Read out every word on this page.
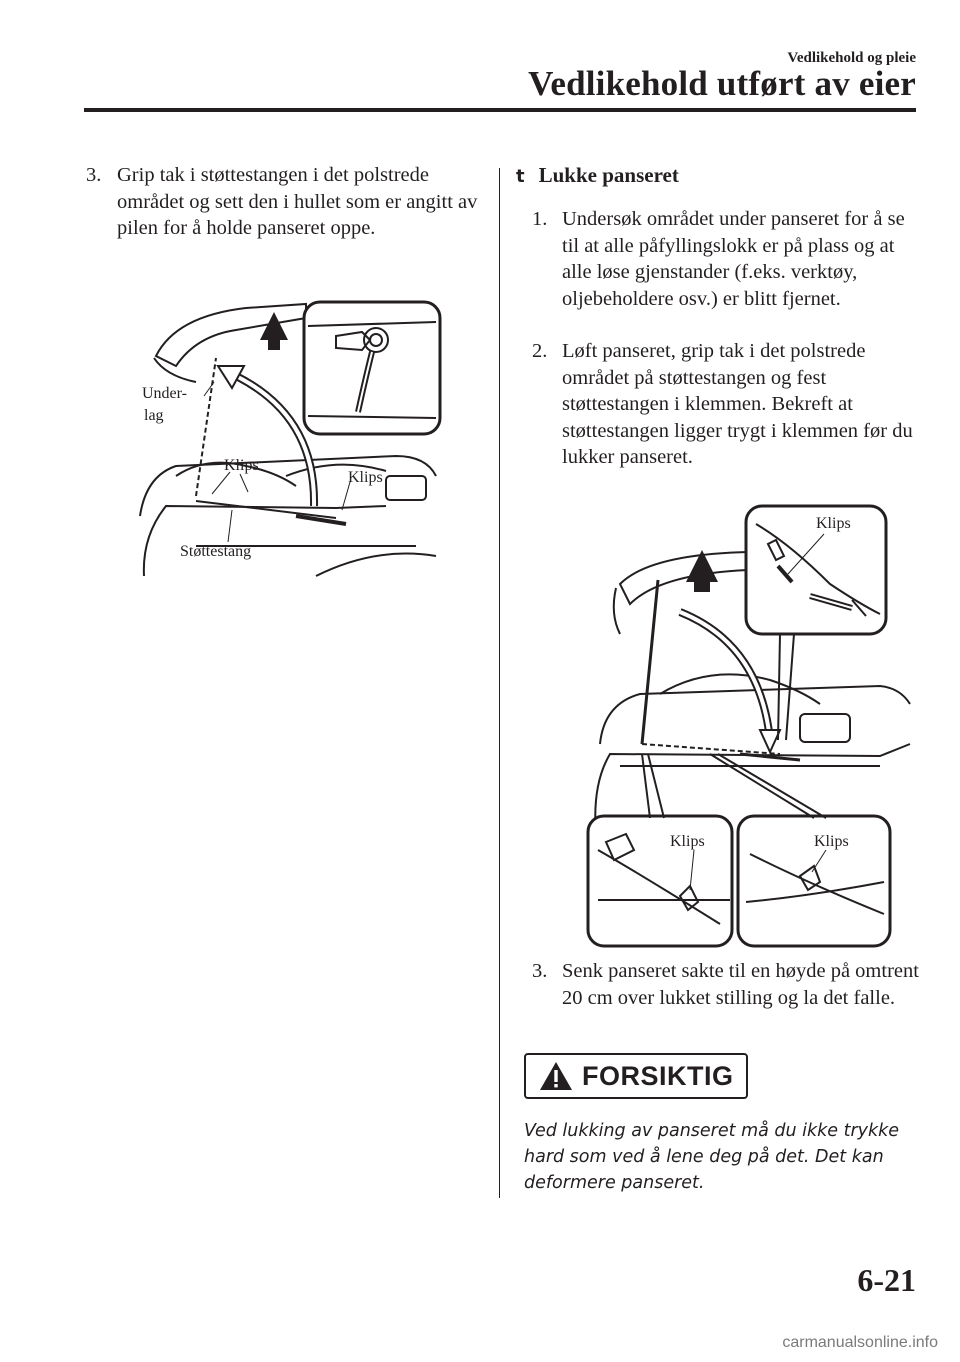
Vedlikehold og pleie
Vedlikehold utført av eier
3. Grip tak i støttestangen i det polstrede området og sett den i hullet som er angitt av pilen for å holde panseret oppe.
Under-
lag
Klips
Klips
Støttestang
t Lukke panseret
1. Undersøk området under panseret for å se til at alle påfyllingslokk er på plass og at alle løse gjenstander (f.eks. verktøy, oljebeholdere osv.) er blitt fjernet.
2. Løft panseret, grip tak i det polstrede området på støttestangen og fest støttestangen i klemmen. Bekreft at støttestangen ligger trygt i klemmen før du lukker panseret.
Klips
Klips	Klips
3. Senk panseret sakte til en høyde på omtrent 20 cm over lukket stilling og la det falle.
FORSIKTIG
Ved lukking av panseret må du ikke trykke hard som ved å lene deg på det. Det kan deformere panseret.
6-21
carmanualsonline.info
